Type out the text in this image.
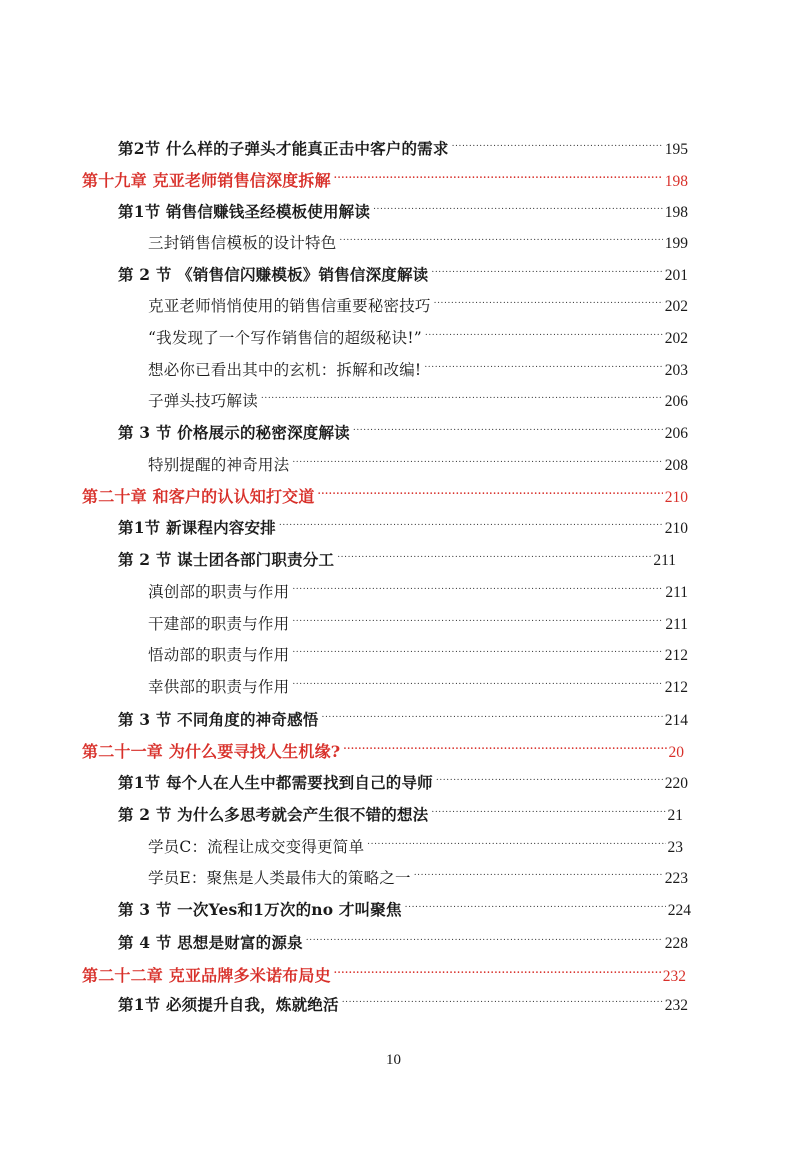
第2节 什么样的子弹头才能真正击中客户的需求 .....	195
第十九章 克亚老师销售信深度拆解 .....	198
第1节 销售信赚钱圣经模板使用解读 .....	198
三封销售信模板的设计特色 .....	199
第 2 节 《销售信闪赚模板》销售信深度解读 .....	201
克亚老师悄悄使用的销售信重要秘密技巧 .....	202
“我发现了一个写作销售信的超级秘诀!” .....	202
想必你已看出其中的玄机：拆解和改编! .....	203
子弹头技巧解读 .....	206
第 3 节 价格展示的秘密深度解读 .....	206
特别提醒的神奇用法 .....	208
第二十章 和客户的认认知打交道 .....	210
第1节 新课程内容安排 .....	210
第 2 节 谋士团各部门职责分工 .....	211
滇创部的职责与作用 .....	211
干建部的职责与作用 .....	211
悟动部的职责与作用 .....	212
幸供部的职责与作用 .....	212
第 3 节 不同角度的神奇感悟 .....	214
第二十一章 为什么要寻找人生机缘? .....	20
第1节 每个人在人生中都需要找到自己的导师 .....	220
第 2 节 为什么多思考就会产生很不错的想法 .....	21
学员C：流程让成交变得更简单 .....	23
学员E：聚焦是人类最伟大的策略之一 .....	223
第 3 节 一次Yes和1万次的no 才叫聚焦 .....	224
第 4 节 思想是财富的源泉 .....	228
第二十二章 克亚品牌多米诺布局史 .....	232
第1节 必须提升自我，炼就绝活 .....	232
10
